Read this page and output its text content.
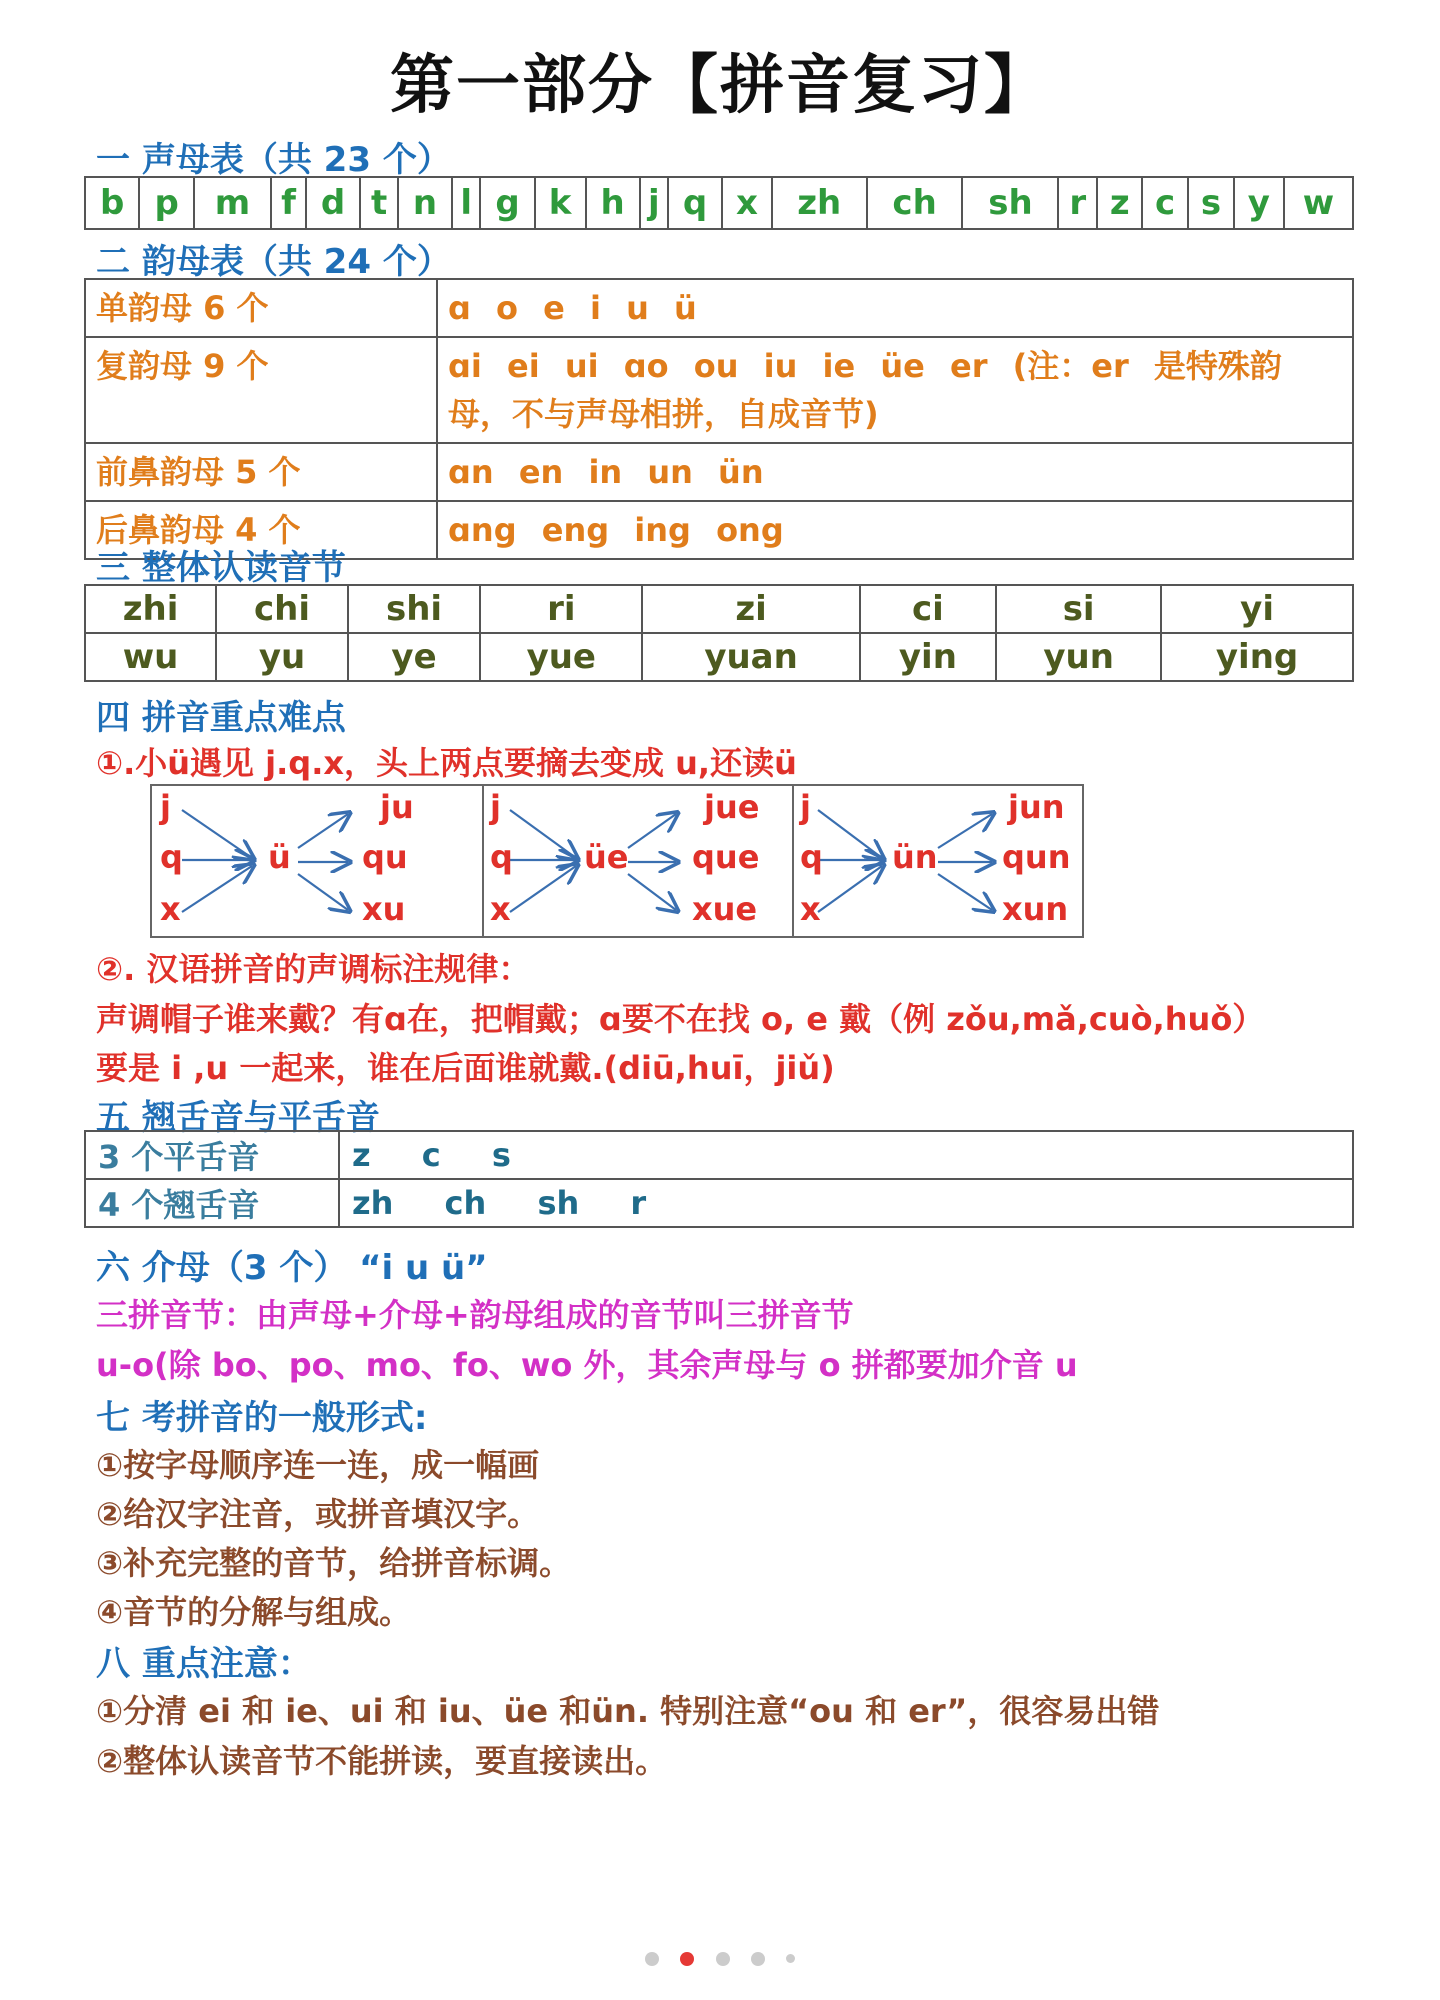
第一部分【拼音复习】
一 声母表（共 23 个）
b	p	m	f	d	t	n	l	g	k	h	j	q	x	zh	ch	sh	r	z	c	s	y	w
二 韵母表（共 24 个）
单韵母 6 个	ɑ o e i u ü
复韵母 9 个	ɑi ei ui ɑo ou iu ie üe er (注：er 是特殊韵母，不与声母相拼，自成音节)
前鼻韵母 5 个	ɑn en in un ün
后鼻韵母 4 个	ɑng eng ing ong
三 整体认读音节
zhi	chi	shi	ri	zi	ci	si	yi
wu	yu	ye	yue	yuan	yin	yun	ying
四 拼音重点难点
①.小ü遇见 j.q.x，头上两点要摘去变成 u,还读ü
j
q
x
ü
ju
qu
xu
j
q
x
üe
jue
que
xue
j
q
x
ün
jun
qun
xun
②. 汉语拼音的声调标注规律：
声调帽子谁来戴？有ɑ在，把帽戴；ɑ要不在找 o, e 戴（例 zǒu,mǎ,cuò,huǒ）
要是 i ,u 一起来，谁在后面谁就戴.(diū,huī，jiǔ)
五 翘舌音与平舌音
3 个平舌音	z c s
4 个翘舌音	zh ch sh r
六 介母（3 个） “i u ü”
三拼音节：由声母+介母+韵母组成的音节叫三拼音节
u-o(除 bo、po、mo、fo、wo 外，其余声母与 o 拼都要加介音 u
七 考拼音的一般形式:
①按字母顺序连一连，成一幅画
②给汉字注音，或拼音填汉字。
③补充完整的音节，给拼音标调。
④音节的分解与组成。
八 重点注意：
①分清 ei 和 ie、ui 和 iu、üe 和ün. 特别注意“ou 和 er”，很容易出错
②整体认读音节不能拼读，要直接读出。
